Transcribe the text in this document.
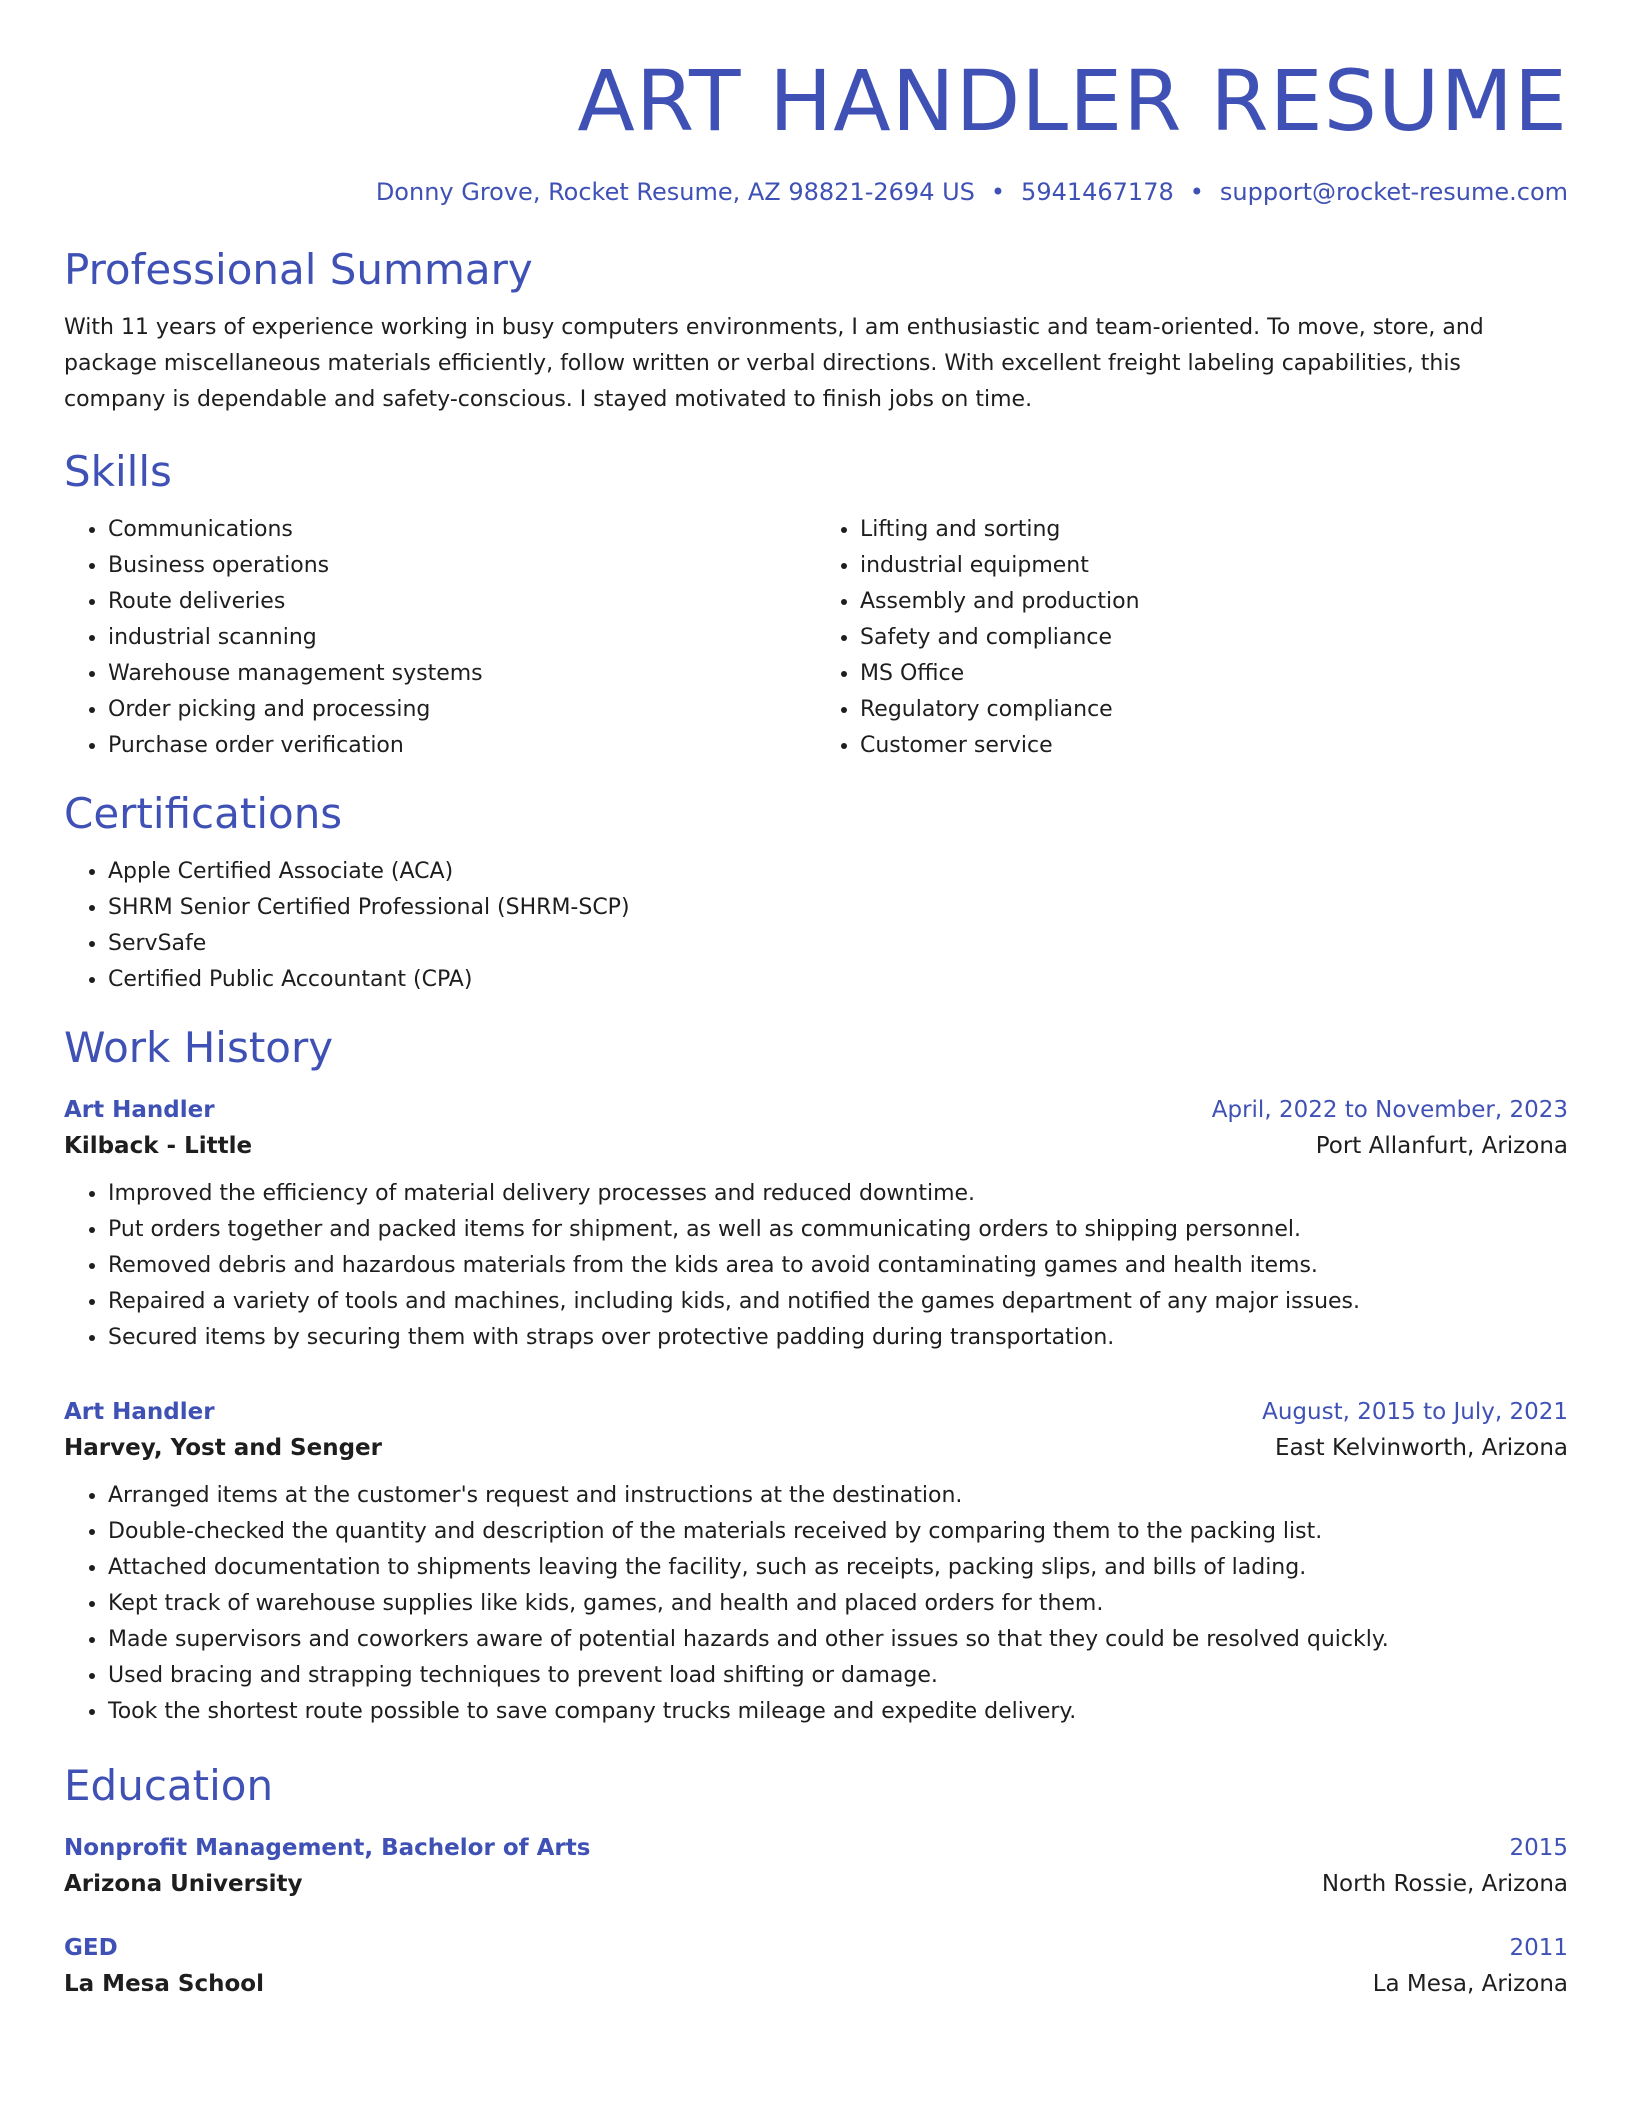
ART HANDLER RESUME
Donny Grove, Rocket Resume, AZ 98821-2694 US • 5941467178 • support@rocket-resume.com
Professional Summary

With 11 years of experience working in busy computers environments, I am enthusiastic and team-oriented. To move, store, and package miscellaneous materials efficiently, follow written or verbal directions. With excellent freight labeling capabilities, this company is dependable and safety-conscious. I stayed motivated to finish jobs on time.

Skills
• Communications
• Business operations
• Route deliveries
• industrial scanning
• Warehouse management systems
• Order picking and processing
• Purchase order verification
• Lifting and sorting
• industrial equipment
• Assembly and production
• Safety and compliance
• MS Office
• Regulatory compliance
• Customer service
Certifications
• Apple Certified Associate (ACA)
• SHRM Senior Certified Professional (SHRM-SCP)
• ServSafe
• Certified Public Accountant (CPA)
Work History
Art Handler	April, 2022 to November, 2023
Kilback - Little	Port Allanfurt, Arizona
• Improved the efficiency of material delivery processes and reduced downtime.
• Put orders together and packed items for shipment, as well as communicating orders to shipping personnel.
• Removed debris and hazardous materials from the kids area to avoid contaminating games and health items.
• Repaired a variety of tools and machines, including kids, and notified the games department of any major issues.
• Secured items by securing them with straps over protective padding during transportation.
Art Handler	August, 2015 to July, 2021
Harvey, Yost and Senger	East Kelvinworth, Arizona
• Arranged items at the customer's request and instructions at the destination.
• Double-checked the quantity and description of the materials received by comparing them to the packing list.
• Attached documentation to shipments leaving the facility, such as receipts, packing slips, and bills of lading.
• Kept track of warehouse supplies like kids, games, and health and placed orders for them.
• Made supervisors and coworkers aware of potential hazards and other issues so that they could be resolved quickly.
• Used bracing and strapping techniques to prevent load shifting or damage.
• Took the shortest route possible to save company trucks mileage and expedite delivery.
Education
Nonprofit Management, Bachelor of Arts	2015
Arizona University	North Rossie, Arizona
GED	2011
La Mesa School	La Mesa, Arizona
